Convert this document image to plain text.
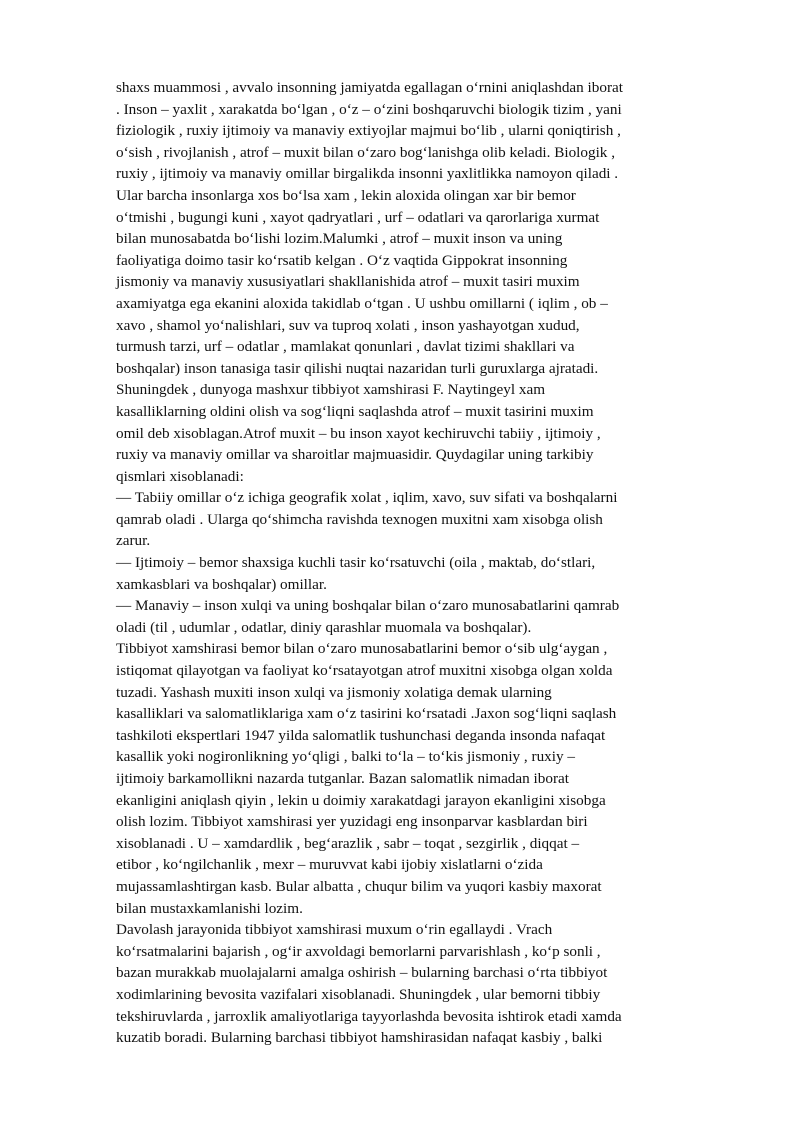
shaxs muammosi , avvalo insonning jamiyatda egallagan o‘rnini aniqlashdan iborat
. Inson – yaxlit , xarakatda bo‘lgan , o‘z – o‘zini boshqaruvchi biologik tizim , yani
fiziologik , ruxiy ijtimoiy va manaviy extiyojlar majmui bo‘lib , ularni qoniqtirish ,
o‘sish , rivojlanish , atrof – muxit bilan o‘zaro bog‘lanishga olib keladi. Biologik ,
ruxiy , ijtimoiy va manaviy omillar birgalikda insonni yaxlitlikka namoyon qiladi .
Ular barcha insonlarga xos bo‘lsa xam , lekin aloxida olingan xar bir bemor
o‘tmishi , bugungi kuni , xayot qadryatlari , urf – odatlari va qarorlariga xurmat
bilan munosabatda bo‘lishi lozim.Malumki , atrof – muxit inson va uning
faoliyatiga doimo tasir ko‘rsatib kelgan . O‘z vaqtida Gippokrat insonning
jismoniy va manaviy xususiyatlari shakllanishida atrof – muxit tasiri muxim
axamiyatga ega ekanini aloxida takidlab o‘tgan . U ushbu omillarni ( iqlim , ob –
xavo , shamol yo‘nalishlari, suv va tuproq xolati , inson yashayotgan xudud,
turmush tarzi, urf – odatlar , mamlakat qonunlari , davlat tizimi shakllari va
boshqalar) inson tanasiga tasir qilishi nuqtai nazaridan turli guruxlarga ajratadi.
Shuningdek , dunyoga mashxur tibbiyot xamshirasi F. Naytingeyl xam
kasalliklarning oldini olish va sog‘liqni saqlashda atrof – muxit tasirini muxim
omil deb xisoblagan.Atrof muxit – bu inson xayot kechiruvchi tabiiy , ijtimoiy ,
ruxiy va manaviy omillar va sharoitlar majmuasidir. Quydagilar uning tarkibiy
qismlari xisoblanadi:
— Tabiiy omillar o‘z ichiga geografik xolat , iqlim, xavo, suv sifati va boshqalarni
qamrab oladi . Ularga qo‘shimcha ravishda texnogen muxitni xam xisobga olish
zarur.
— Ijtimoiy – bemor shaxsiga kuchli tasir ko‘rsatuvchi (oila , maktab, do‘stlari,
xamkasblari va boshqalar) omillar.
— Manaviy – inson xulqi va uning boshqalar bilan o‘zaro munosabatlarini qamrab
oladi (til , udumlar , odatlar, diniy qarashlar muomala va boshqalar).
Tibbiyot xamshirasi bemor bilan o‘zaro munosabatlarini bemor o‘sib ulg‘aygan ,
istiqomat qilayotgan va faoliyat ko‘rsatayotgan atrof muxitni xisobga olgan xolda
tuzadi. Yashash muxiti inson xulqi va jismoniy xolatiga demak ularning
kasalliklari va salomatliklariga xam o‘z tasirini ko‘rsatadi .Jaxon sog‘liqni saqlash
tashkiloti ekspertlari 1947 yilda salomatlik tushunchasi deganda insonda nafaqat
kasallik yoki nogironlikning yo‘qligi , balki to‘la – to‘kis jismoniy , ruxiy –
ijtimoiy barkamollikni nazarda tutganlar. Bazan salomatlik nimadan iborat
ekanligini aniqlash qiyin , lekin u doimiy xarakatdagi jarayon ekanligini xisobga
olish lozim. Tibbiyot xamshirasi yer yuzidagi eng insonparvar kasblardan biri
xisoblanadi . U – xamdardlik , beg‘arazlik , sabr – toqat , sezgirlik , diqqat –
etibor , ko‘ngilchanlik , mexr – muruvvat kabi ijobiy xislatlarni o‘zida
mujassamlashtirgan kasb. Bular albatta , chuqur bilim va yuqori kasbiy maxorat
bilan mustaxkamlanishi lozim.
Davolash jarayonida tibbiyot xamshirasi muxum o‘rin egallaydi . Vrach
ko‘rsatmalarini bajarish , og‘ir axvoldagi bemorlarni parvarishlash , ko‘p sonli ,
bazan murakkab muolajalarni amalga oshirish – bularning barchasi o‘rta tibbiyot
xodimlarining bevosita vazifalari xisoblanadi. Shuningdek , ular bemorni tibbiy
tekshiruvlarda , jarroxlik amaliyotlariga tayyorlashda bevosita ishtirok etadi xamda
kuzatib boradi. Bularning barchasi tibbiyot hamshirasidan nafaqat kasbiy , balki
